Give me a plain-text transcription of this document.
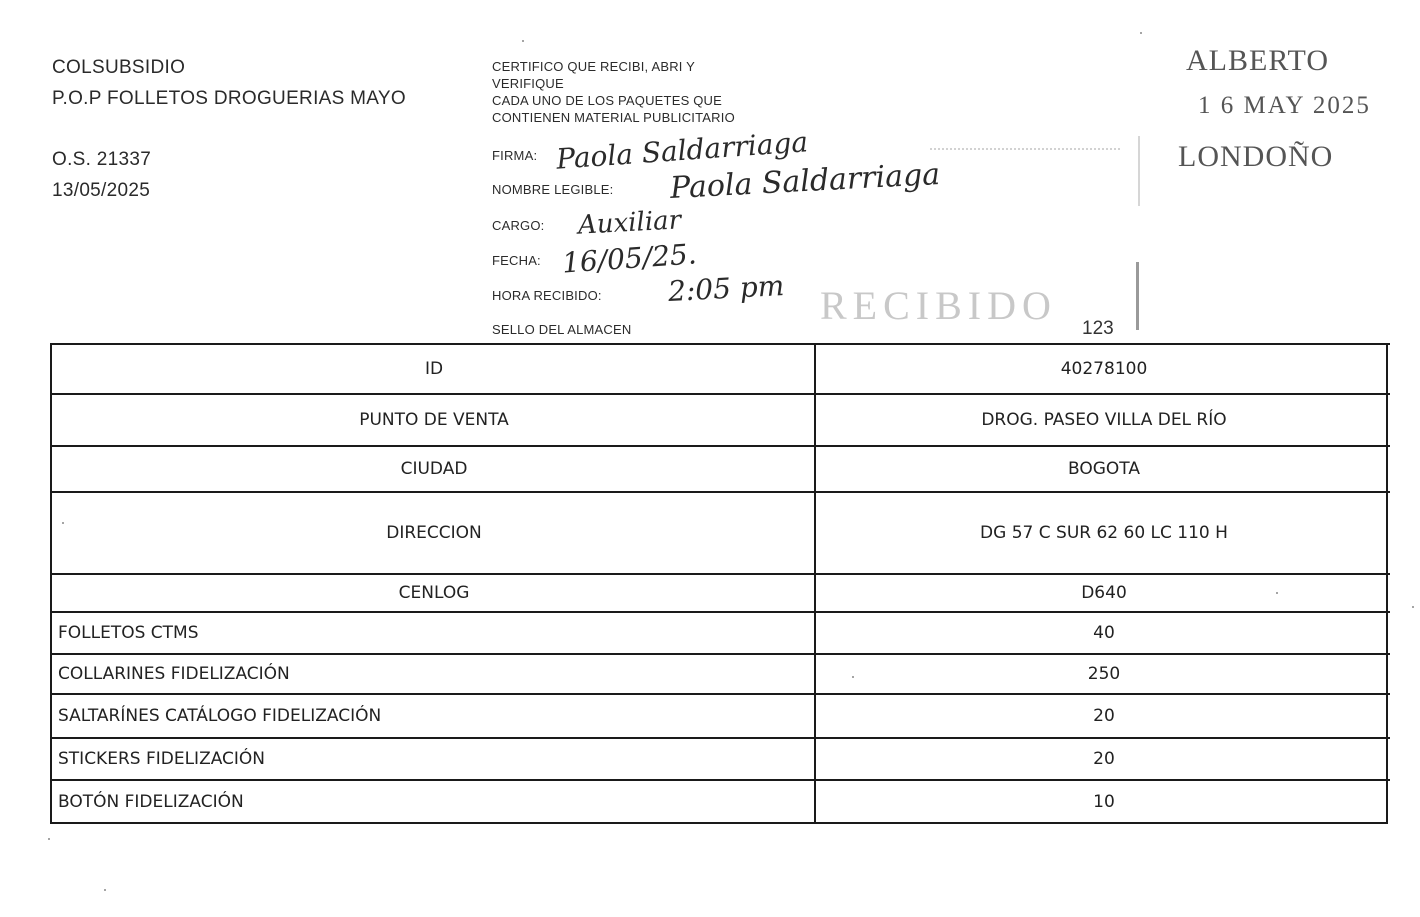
COLSUBSIDIO
P.O.P FOLLETOS DROGUERIAS MAYO
O.S. 21337
13/05/2025
CERTIFICO QUE RECIBI, ABRI Y
VERIFIQUE
CADA UNO DE LOS PAQUETES QUE
CONTIENEN MATERIAL PUBLICITARIO
FIRMA: Paola Saldarriaga
NOMBRE LEGIBLE: Paola Saldarriaga
CARGO: Auxiliar
FECHA: 16/05/25.
HORA RECIBIDO: 2:05 pm
SELLO DEL ALMACEN	123
RECIBIDO
ALBERTO
1 6 MAY 2025
LONDOÑO
ID	40278100
PUNTO DE VENTA	DROG. PASEO VILLA DEL RÍO
CIUDAD	BOGOTA
DIRECCION	DG 57 C SUR 62 60 LC 110 H
CENLOG	D640
FOLLETOS CTMS	40
COLLARINES FIDELIZACIÓN	250
SALTARÍNES CATÁLOGO FIDELIZACIÓN	20
STICKERS FIDELIZACIÓN	20
BOTÓN FIDELIZACIÓN	10
